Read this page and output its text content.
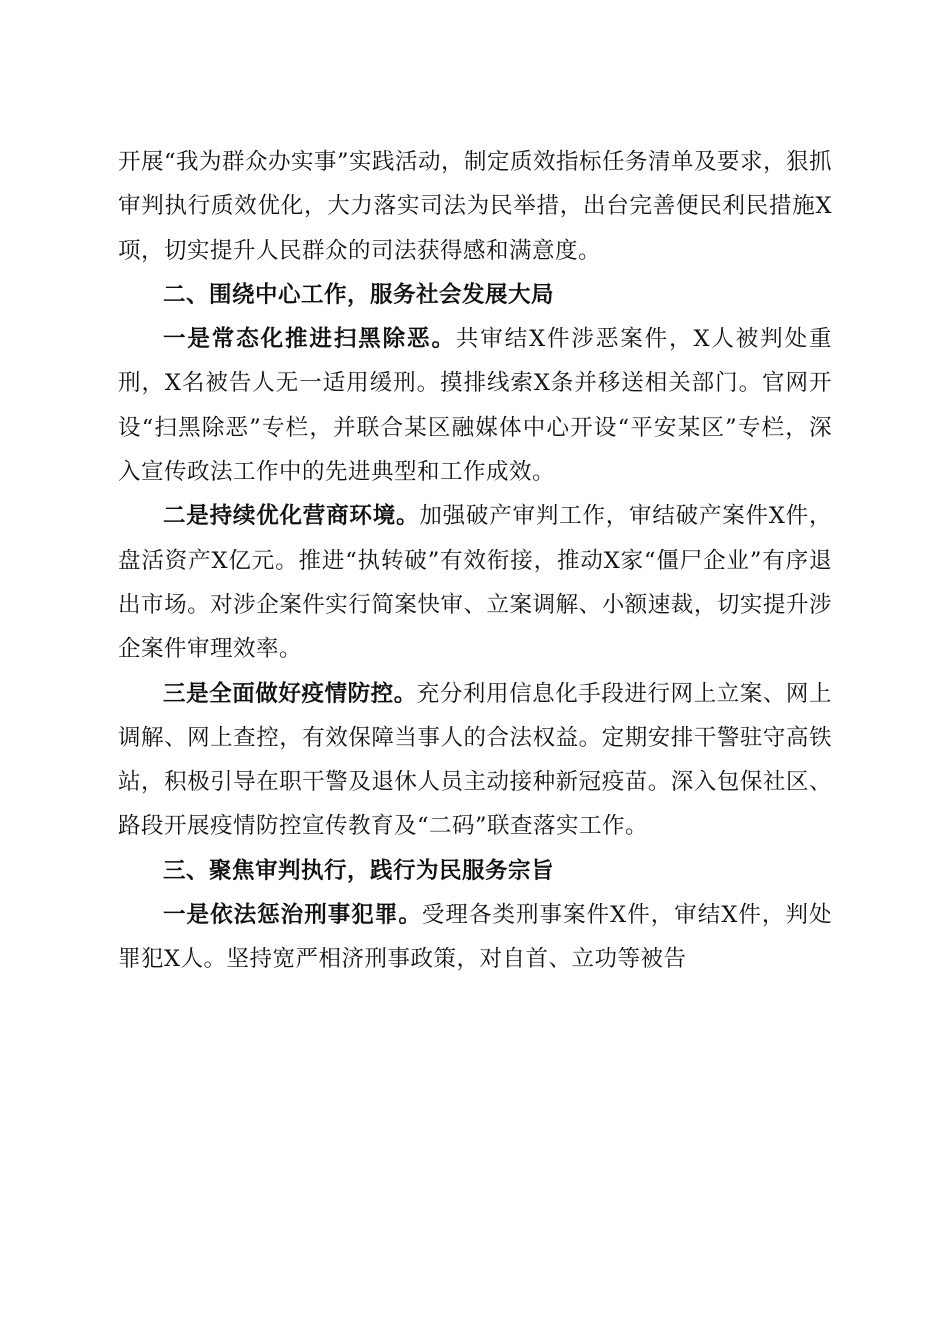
开展“我为群众办实事”实践活动，制定质效指标任务清单及要求，狠抓审判执行质效优化，大力落实司法为民举措，出台完善便民利民措施X项，切实提升人民群众的司法获得感和满意度。

二、围绕中心工作，服务社会发展大局

一是常态化推进扫黑除恶。共审结X件涉恶案件，X人被判处重刑，X名被告人无一适用缓刑。摸排线索X条并移送相关部门。官网开设“扫黑除恶”专栏，并联合某区融媒体中心开设“平安某区”专栏，深入宣传政法工作中的先进典型和工作成效。

二是持续优化营商环境。加强破产审判工作，审结破产案件X件，盘活资产X亿元。推进“执转破”有效衔接，推动X家“僵尸企业”有序退出市场。对涉企案件实行简案快审、立案调解、小额速裁，切实提升涉企案件审理效率。

三是全面做好疫情防控。充分利用信息化手段进行网上立案、网上调解、网上查控，有效保障当事人的合法权益。定期安排干警驻守高铁站，积极引导在职干警及退休人员主动接种新冠疫苗。深入包保社区、路段开展疫情防控宣传教育及“二码”联查落实工作。

三、聚焦审判执行，践行为民服务宗旨

一是依法惩治刑事犯罪。受理各类刑事案件X件，审结X件，判处罪犯X人。坚持宽严相济刑事政策，对自首、立功等被告
